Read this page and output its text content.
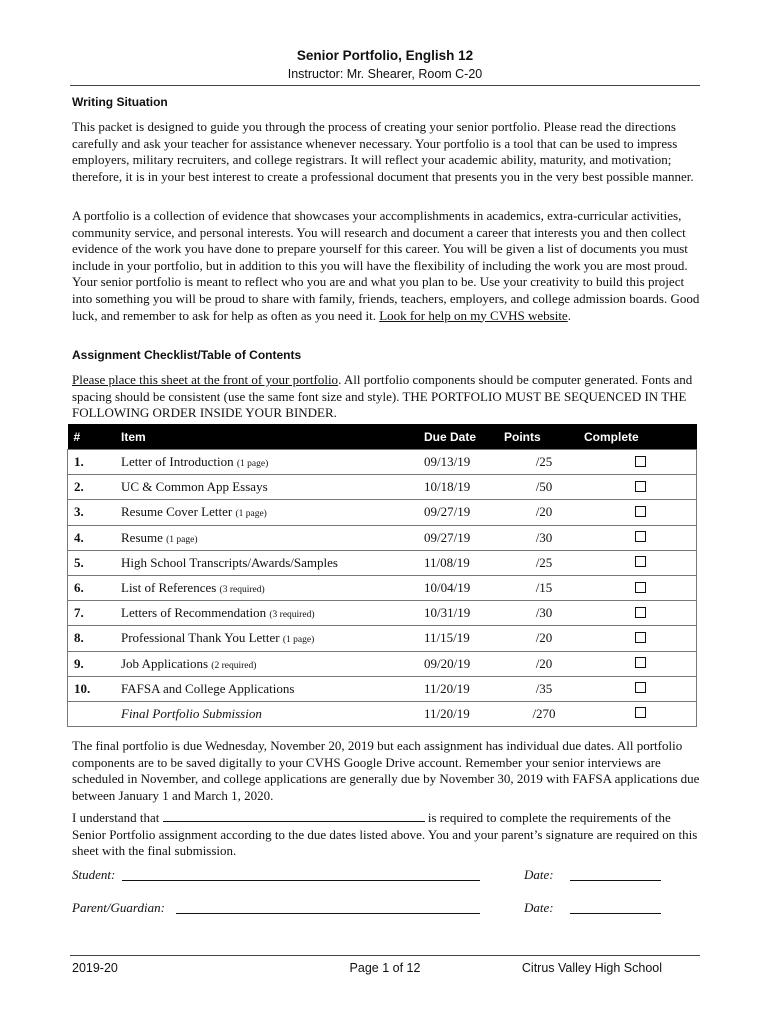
Senior Portfolio, English 12
Instructor: Mr. Shearer, Room C-20
Writing Situation

This packet is designed to guide you through the process of creating your senior portfolio. Please read the directions carefully and ask your teacher for assistance whenever necessary. Your portfolio is a tool that can be used to impress employers, military recruiters, and college registrars. It will reflect your academic ability, maturity, and motivation; therefore, it is in your best interest to create a professional document that presents you in the very best possible manner.

A portfolio is a collection of evidence that showcases your accomplishments in academics, extra-curricular activities, community service, and personal interests. You will research and document a career that interests you and then collect evidence of the work you have done to prepare yourself for this career. You will be given a list of documents you must include in your portfolio, but in addition to this you will have the flexibility of including the work you are most proud. Your senior portfolio is meant to reflect who you are and what you plan to be. Use your creativity to build this project into something you will be proud to share with family, friends, teachers, employers, and college admission boards. Good luck, and remember to ask for help as often as you need it. Look for help on my CVHS website.

Assignment Checklist/Table of Contents

Please place this sheet at the front of your portfolio. All portfolio components should be computer generated. Fonts and spacing should be consistent (use the same font size and style). THE PORTFOLIO MUST BE SEQUENCED IN THE FOLLOWING ORDER INSIDE YOUR BINDER.

#	Item	Due Date	Points	Complete
1.	Letter of Introduction (1 page)	09/13/19	/25	
2.	UC & Common App Essays	10/18/19	/50	
3.	Resume Cover Letter (1 page)	09/27/19	/20	
4.	Resume (1 page)	09/27/19	/30	
5.	High School Transcripts/Awards/Samples	11/08/19	/25	
6.	List of References (3 required)	10/04/19	/15	
7.	Letters of Recommendation (3 required)	10/31/19	/30	
8.	Professional Thank You Letter (1 page)	11/15/19	/20	
9.	Job Applications (2 required)	09/20/19	/20	
10.	FAFSA and College Applications	11/20/19	/35	
	Final Portfolio Submission	11/20/19	/270	

The final portfolio is due Wednesday, November 20, 2019 but each assignment has individual due dates. All portfolio components are to be saved digitally to your CVHS Google Drive account. Remember your senior interviews are scheduled in November, and college applications are generally due by November 30, 2019 with FAFSA applications due between January 1 and March 1, 2020.

I understand that	is required to complete the requirements of the Senior Portfolio assignment according to the due dates listed above. You and your parent’s signature are required on this sheet with the final submission.

Student:	Date:
Parent/Guardian:	Date:
2019-20	Page 1 of 12	Citrus Valley High School
